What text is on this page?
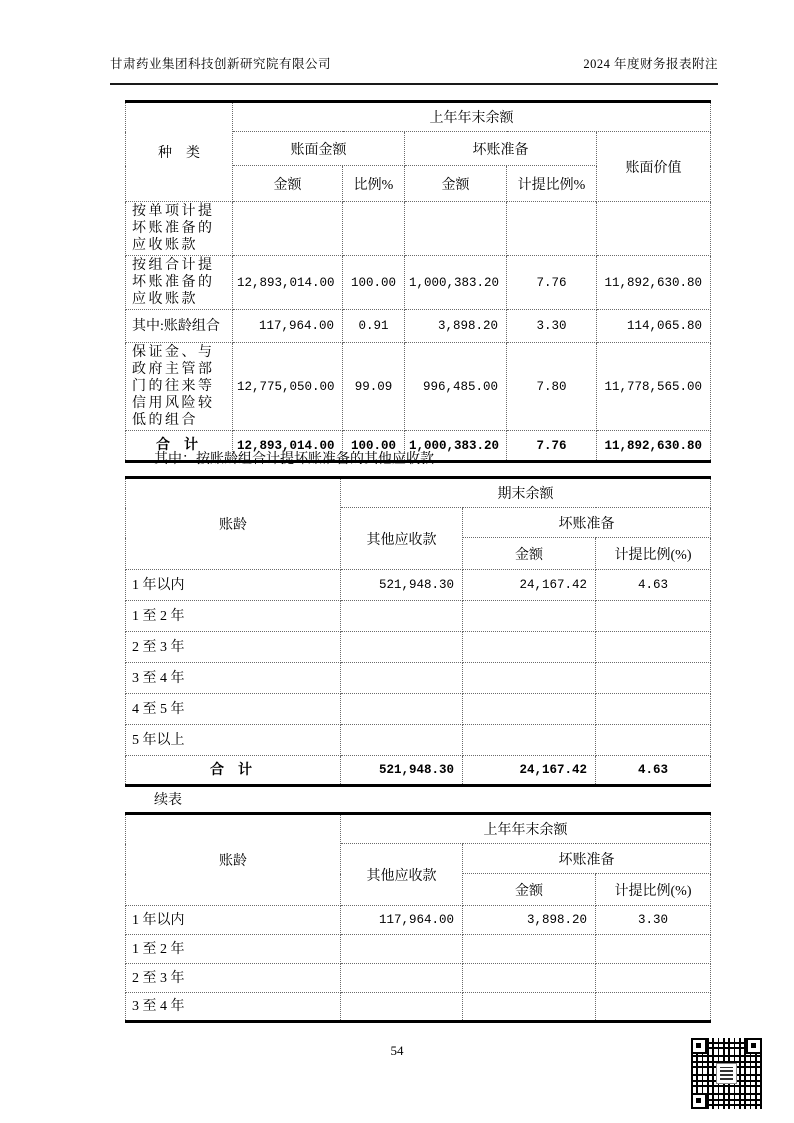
甘肃药业集团科技创新研究院有限公司	2024 年度财务报表附注
种　类	上年年末余额				
	账面金额		坏账准备		账面价值
	金额	比例%	金额	计提比例%	
按单项计提坏账准备的应收账款					
按组合计提坏账准备的应收账款	12,893,014.00	100.00	1,000,383.20	7.76	11,892,630.80
其中:账龄组合	117,964.00	0.91	3,898.20	3.30	114,065.80
保证金、与政府主管部门的往来等信用风险较低的组合	12,775,050.00	99.09	996,485.00	7.80	11,778,565.00
合　计	12,893,014.00	100.00	1,000,383.20	7.76	11,892,630.80
其中：按账龄组合计提坏账准备的其他应收款
账龄	期末余额		
	其他应收款	坏账准备	
		金额	计提比例(%)
1 年以内	521,948.30	24,167.42	4.63
1 至 2 年			
2 至 3 年			
3 至 4 年			
4 至 5 年			
5 年以上			
合　计	521,948.30	24,167.42	4.63
续表
账龄	上年年末余额		
	其他应收款	坏账准备	
		金额	计提比例(%)
1 年以内	117,964.00	3,898.20	3.30
1 至 2 年			
2 至 3 年			
3 至 4 年			
54
